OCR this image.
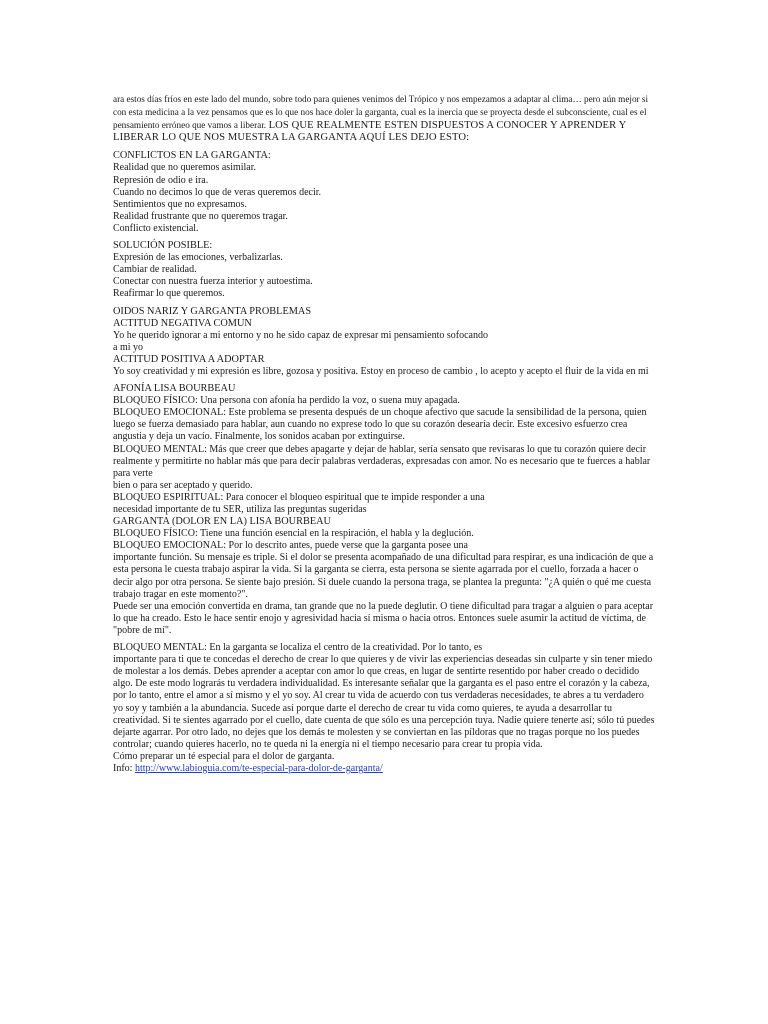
ara estos días fríos en este lado del mundo, sobre todo para quienes venimos del Trópico y nos empezamos a adaptar al clima… pero aún mejor si con esta medicina a la vez pensamos que es lo que nos hace doler la garganta, cual es la inercia que se proyecta desde el subconsciente, cual es el pensamiento erróneo que vamos a liberar. LOS QUE REALMENTE ESTEN DISPUESTOS A CONOCER Y APRENDER Y LIBERAR LO QUE NOS MUESTRA LA GARGANTA AQUÍ LES DEJO ESTO:

CONFLICTOS EN LA GARGANTA:

Realidad que no queremos asimilar.

Represión de odio e ira.

Cuando no decimos lo que de veras queremos decir.

Sentimientos que no expresamos.

Realidad frustrante que no queremos tragar.

Conflicto existencial.

SOLUCIÓN POSIBLE:

Expresión de las emociones, verbalizarlas.

Cambiar de realidad.

Conectar con nuestra fuerza interior y autoestima.

Reafirmar lo que queremos.

OIDOS NARIZ Y GARGANTA PROBLEMAS

ACTITUD NEGATIVA COMUN

Yo he querido ignorar a mi entorno y no he sido capaz de expresar mi pensamiento sofocando

a mi yo

ACTITUD POSITIVA A ADOPTAR

Yo soy creatividad y mi expresión es libre, gozosa y positiva. Estoy en proceso de cambio , lo acepto y acepto el fluir de la vida en mi

AFONÍA LISA BOURBEAU

BLOQUEO FÍSICO: Una persona con afonía ha perdido la voz, o suena muy apagada.

BLOQUEO EMOCIONAL: Este problema se presenta después de un choque afectivo que sacude la sensibilidad de la persona, quien luego se fuerza demasiado para hablar, aun cuando no exprese todo lo que su corazón desearía decir. Este excesivo esfuerzo crea angustia y deja un vacío. Finalmente, los sonidos acaban por extinguirse.

BLOQUEO MENTAL: Más que creer que debes apagarte y dejar de hablar, sería sensato que revisaras lo que tu corazón quiere decir realmente y permitirte no hablar más que para decir palabras verdaderas, expresadas con amor. No es necesario que te fuerces a hablar para verte

bien o para ser aceptado y querido.

BLOQUEO ESPIRITUAL: Para conocer el bloqueo espiritual que te impide responder a una

necesidad importante de tu SER, utiliza las preguntas sugeridas

GARGANTA (DOLOR EN LA) LISA BOURBEAU

BLOQUEO FÍSICO: Tiene una función esencial en la respiración, el habla y la deglución.

BLOQUEO EMOCIONAL: Por lo descrito antes, puede verse que la garganta posee una

importante función. Su mensaje es triple. Si el dolor se presenta acompañado de una dificultad para respirar, es una indicación de que a esta persona le cuesta trabajo aspirar la vida. Si la garganta se cierra, esta persona se siente agarrada por el cuello, forzada a hacer o decir algo por otra persona. Se siente bajo presión. Si duele cuando la persona traga, se plantea la pregunta: "¿A quién o qué me cuesta trabajo tragar en este momento?".

Puede ser una emoción convertida en drama, tan grande que no la puede deglutir. O tiene dificultad para tragar a alguien o para aceptar lo que ha creado. Esto le hace sentir enojo y agresividad hacia sí misma o hacia otros. Entonces suele asumir la actitud de víctima, de "pobre de mí".

BLOQUEO MENTAL: En la garganta se localiza el centro de la creatividad. Por lo tanto, es

importante para ti que te concedas el derecho de crear lo que quieres y de vivir las experiencias deseadas sin culparte y sin tener miedo de molestar a los demás. Debes aprender a aceptar con amor lo que creas, en lugar de sentirte resentido por haber creado o decidido algo. De este modo lograrás tu verdadera individualidad. Es interesante señalar que la garganta es el paso entre el corazón y la cabeza, por lo tanto, entre el amor a sí mismo y el yo soy. Al crear tu vida de acuerdo con tus verdaderas necesidades, te abres a tu verdadero yo soy y también a la abundancia. Sucede así porque darte el derecho de crear tu vida como quieres, te ayuda a desarrollar tu creatividad. Si te sientes agarrado por el cuello, date cuenta de que sólo es una percepción tuya. Nadie quiere tenerte así; sólo tú puedes dejarte agarrar. Por otro lado, no dejes que los demás te molesten y se conviertan en las píldoras que no tragas porque no los puedes controlar; cuando quieres hacerlo, no te queda ni la energía ni el tiempo necesario para crear tu propia vida.

Cómo preparar un té especial para el dolor de garganta.

Info: http://www.labioguia.com/te-especial-para-dolor-de-garganta/
